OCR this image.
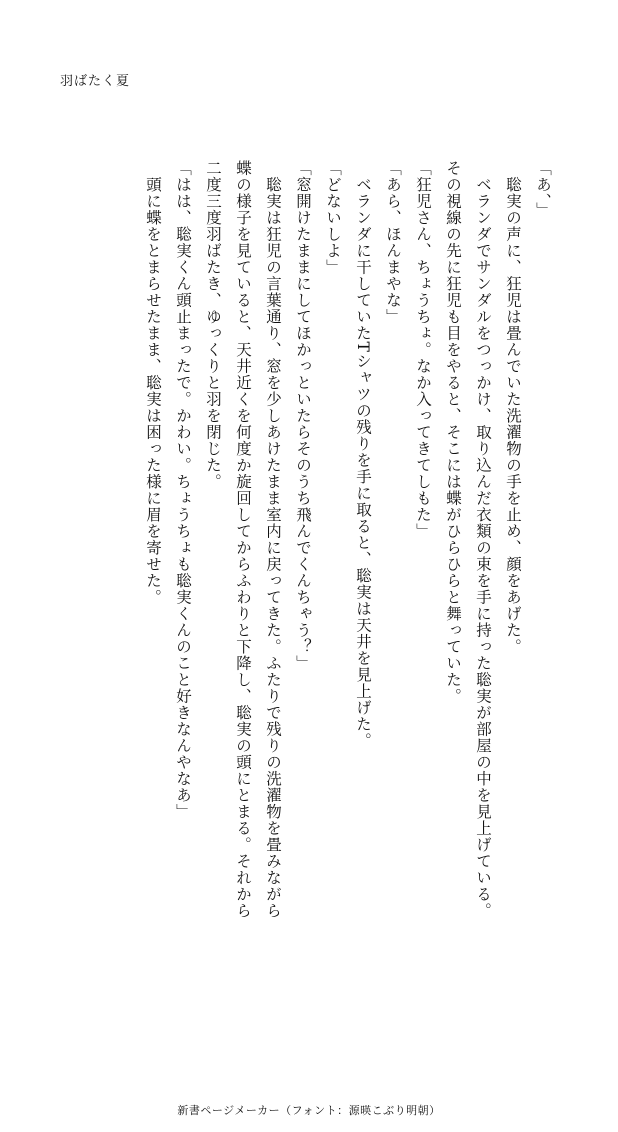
羽ばたく夏

「あ、」

　聡実の声に、狂児は畳んでいた洗濯物の手を止め、顔をあげた。

　ベランダでサンダルをつっかけ、取り込んだ衣類の束を手に持った聡実が部屋の中を見上げている。その視線の先に狂児も目をやると、そこには蝶がひらひらと舞っていた。

「狂児さん、ちょうちょ。なか入ってきてしもた」

「あら、ほんまやな」

　ベランダに干していたTシャツの残りを手に取ると、聡実は天井を見上げた。

「どないしよ」

「窓開けたままにしてほかっといたらそのうち飛んでくんちゃう？」

　聡実は狂児の言葉通り、窓を少しあけたまま室内に戻ってきた。ふたりで残りの洗濯物を畳みながら蝶の様子を見ていると、天井近くを何度か旋回してからふわりと下降し、聡実の頭にとまる。それから二度三度羽ばたき、ゆっくりと羽を閉じた。

「はは、聡実くん頭止まったで。かわい。ちょうちょも聡実くんのこと好きなんやなあ」

　頭に蝶をとまらせたまま、聡実は困った様に眉を寄せた。

新書ページメーカー（フォント：源暎こぶり明朝）
